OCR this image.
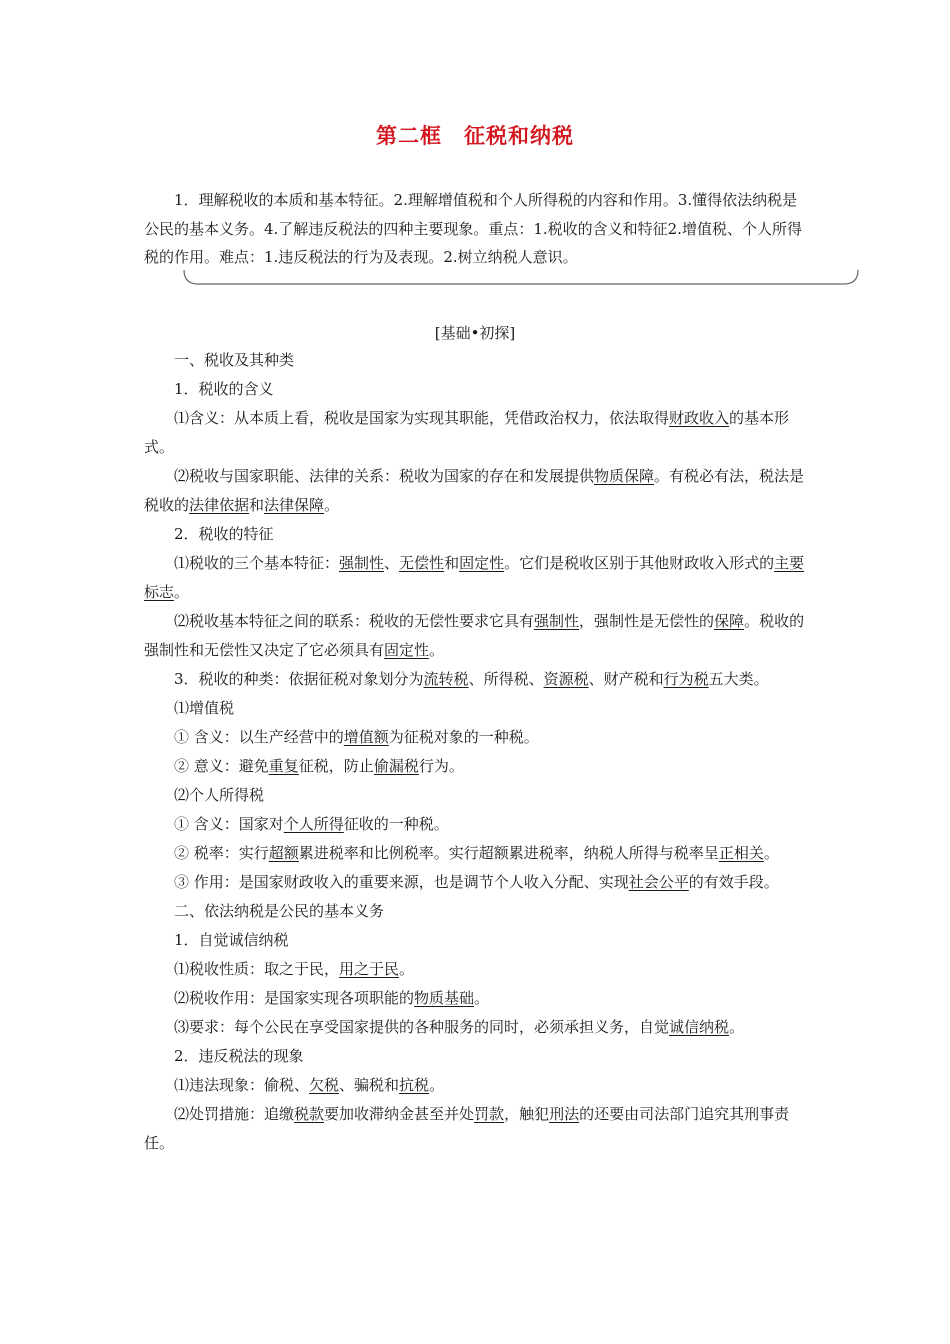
第二框　征税和纳税
1．理解税收的本质和基本特征。2.理解增值税和个人所得税的内容和作用。3.懂得依法纳税是公民的基本义务。4.了解违反税法的四种主要现象。重点：1.税收的含义和特征2.增值税、个人所得税的作用。难点：1.违反税法的行为及表现。2.树立纳税人意识。
[基础•初探]

一、税收及其种类

1．税收的含义

⑴含义：从本质上看，税收是国家为实现其职能，凭借政治权力，依法取得财政收入的基本形式。

⑵税收与国家职能、法律的关系：税收为国家的存在和发展提供物质保障。有税必有法，税法是税收的法律依据和法律保障。

2．税收的特征

⑴税收的三个基本特征：强制性、无偿性和固定性。它们是税收区别于其他财政收入形式的主要标志。

⑵税收基本特征之间的联系：税收的无偿性要求它具有强制性，强制性是无偿性的保障。税收的强制性和无偿性又决定了它必须具有固定性。

3．税收的种类：依据征税对象划分为流转税、所得税、资源税、财产税和行为税五大类。

⑴增值税

① 含义：以生产经营中的增值额为征税对象的一种税。

② 意义：避免重复征税，防止偷漏税行为。

⑵个人所得税

① 含义：国家对个人所得征收的一种税。

② 税率：实行超额累进税率和比例税率。实行超额累进税率，纳税人所得与税率呈正相关。

③ 作用：是国家财政收入的重要来源，也是调节个人收入分配、实现社会公平的有效手段。

二、依法纳税是公民的基本义务

1．自觉诚信纳税

⑴税收性质：取之于民，用之于民。

⑵税收作用：是国家实现各项职能的物质基础。

⑶要求：每个公民在享受国家提供的各种服务的同时，必须承担义务，自觉诚信纳税。

2．违反税法的现象

⑴违法现象：偷税、欠税、骗税和抗税。

⑵处罚措施：追缴税款要加收滞纳金甚至并处罚款，触犯刑法的还要由司法部门追究其刑事责任。
